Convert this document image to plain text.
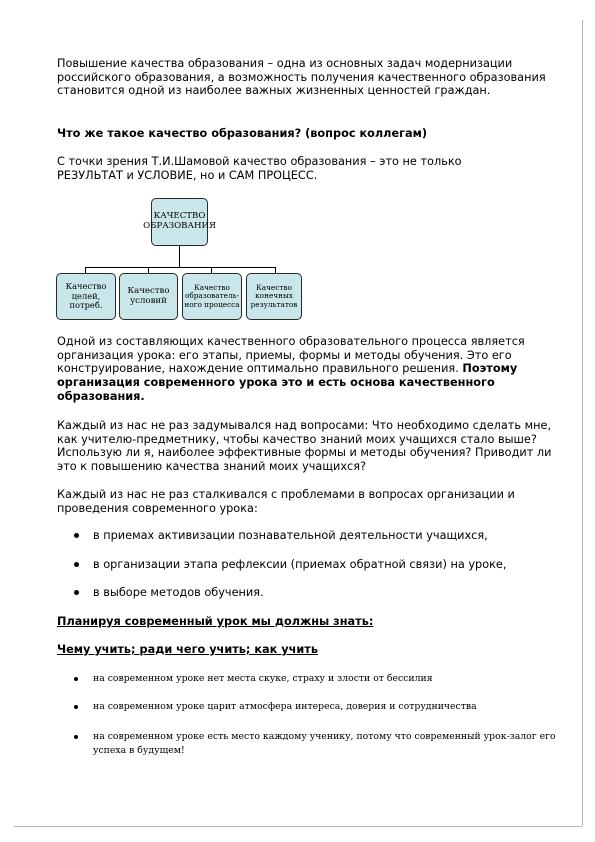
Повышение качества образования – одна из основных задач модернизации российского образования, а возможность получения качественного образования становится одной из наиболее важных жизненных ценностей граждан.

Что же такое качество образования? (вопрос коллегам)

С точки зрения Т.И.Шамовой качество образования – это не только РЕЗУЛЬТАТ и УСЛОВИЕ, но и САМ ПРОЦЕСС.

КАЧЕСТВО ОБРАЗОВАНИЯ
Качество целей, потреб.
Качество условий
Качество образователь- ного процесса
Качество конечных результатов

Одной из составляющих качественного образовательного процесса является организация урока: его этапы, приемы, формы и методы обучения. Это его конструирование, нахождение оптимально правильного решения. Поэтому организация современного урока это и есть основа качественного образования.

Каждый из нас не раз задумывался над вопросами: Что необходимо сделать мне, как учителю-предметнику, чтобы качество знаний моих учащихся стало выше? Использую ли я, наиболее эффективные формы и методы обучения? Приводит ли это к повышению качества знаний моих учащихся?

Каждый из нас не раз сталкивался с проблемами в вопросах организации и проведения современного урока:

в приемах активизации познавательной деятельности учащихся,
в организации этапа рефлексии (приемах обратной связи) на уроке,
в выборе методов обучения.

Планируя современный урок мы должны знать:

Чему учить; ради чего учить; как учить

на современном уроке нет места скуке, страху и злости от бессилия
на современном уроке царит атмосфера интереса, доверия и сотрудничества
на современном уроке есть место каждому ученику, потому что современный урок-залог его успеха в будущем!
